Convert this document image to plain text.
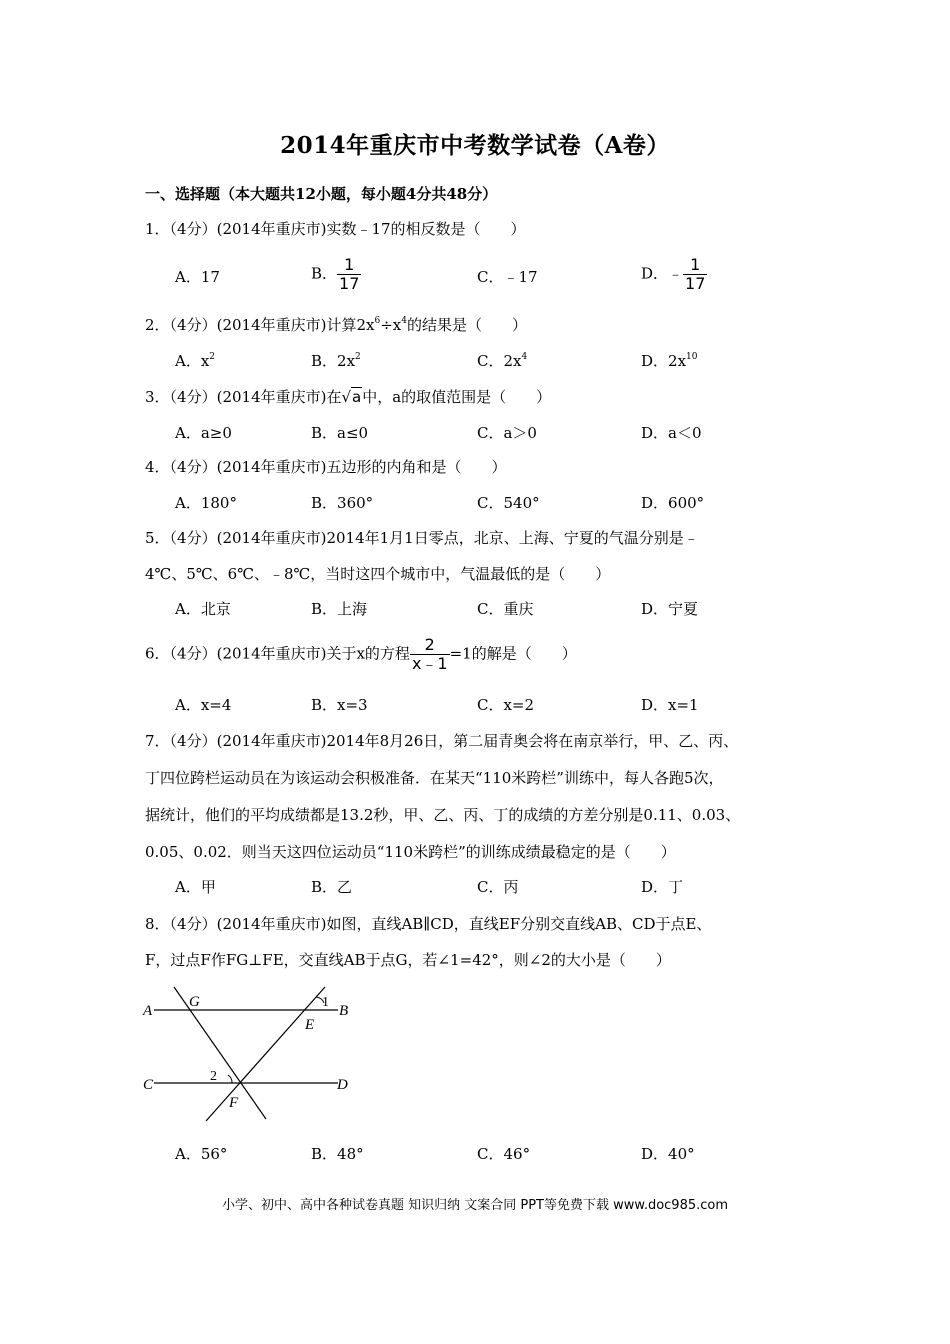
2014年重庆市中考数学试卷（A卷）
一、选择题（本大题共12小题，每小题4分共48分）
1．（4分）(2014年重庆市)实数﹣17的相反数是（　　）
A．17	B． $\frac{1}{17}$	C．﹣17	D．﹣ $\frac{1}{17}$
2．（4分）(2014年重庆市)计算$2x^6\div x^4$的结果是（　　）
A．$x^2$	B．$2x^2$	C．$2x^4$	D．$2x^{10}$
3．（4分）(2014年重庆市)在√a中，a的取值范围是（　　）
A．a≥0	B．a≤0	C．a＞0	D．a＜0
4．（4分）(2014年重庆市)五边形的内角和是（　　）
A．180°	B．360°	C．540°	D．600°
5．（4分）(2014年重庆市)2014年1月1日零点，北京、上海、宁夏的气温分别是﹣
4℃、5℃、6℃、﹣8℃，当时这四个城市中，气温最低的是（　　）
A．北京	B．上海	C．重庆	D．宁夏
6．（4分）(2014年重庆市)关于x的方程 $\frac{2}{x﹣1} =1$的解是（　　）
A．x=4	B．x=3	C．x=2	D．x=1
7．（4分）(2014年重庆市)2014年8月26日，第二届青奥会将在南京举行，甲、乙、丙、
丁四位跨栏运动员在为该运动会积极准备．在某天“110米跨栏”训练中，每人各跑5次，
据统计，他们的平均成绩都是13.2秒，甲、乙、丙、丁的成绩的方差分别是0.11、0.03、
0.05、0.02．则当天这四位运动员“110米跨栏”的训练成绩最稳定的是（　　）
A．甲	B．乙	C．丙	D．丁
8．（4分）(2014年重庆市)如图，直线AB∥CD，直线EF分别交直线AB、CD于点E、
F，过点F作FG⊥FE，交直线AB于点G，若∠1=42°，则∠2的大小是（　　）
A	B
C	D
E
F
G	1
2
A．56°	B．48°	C．46°	D．40°
小学、初中、高中各种试卷真题 知识归纳 文案合同 PPT等免费下载 www.doc985.com
